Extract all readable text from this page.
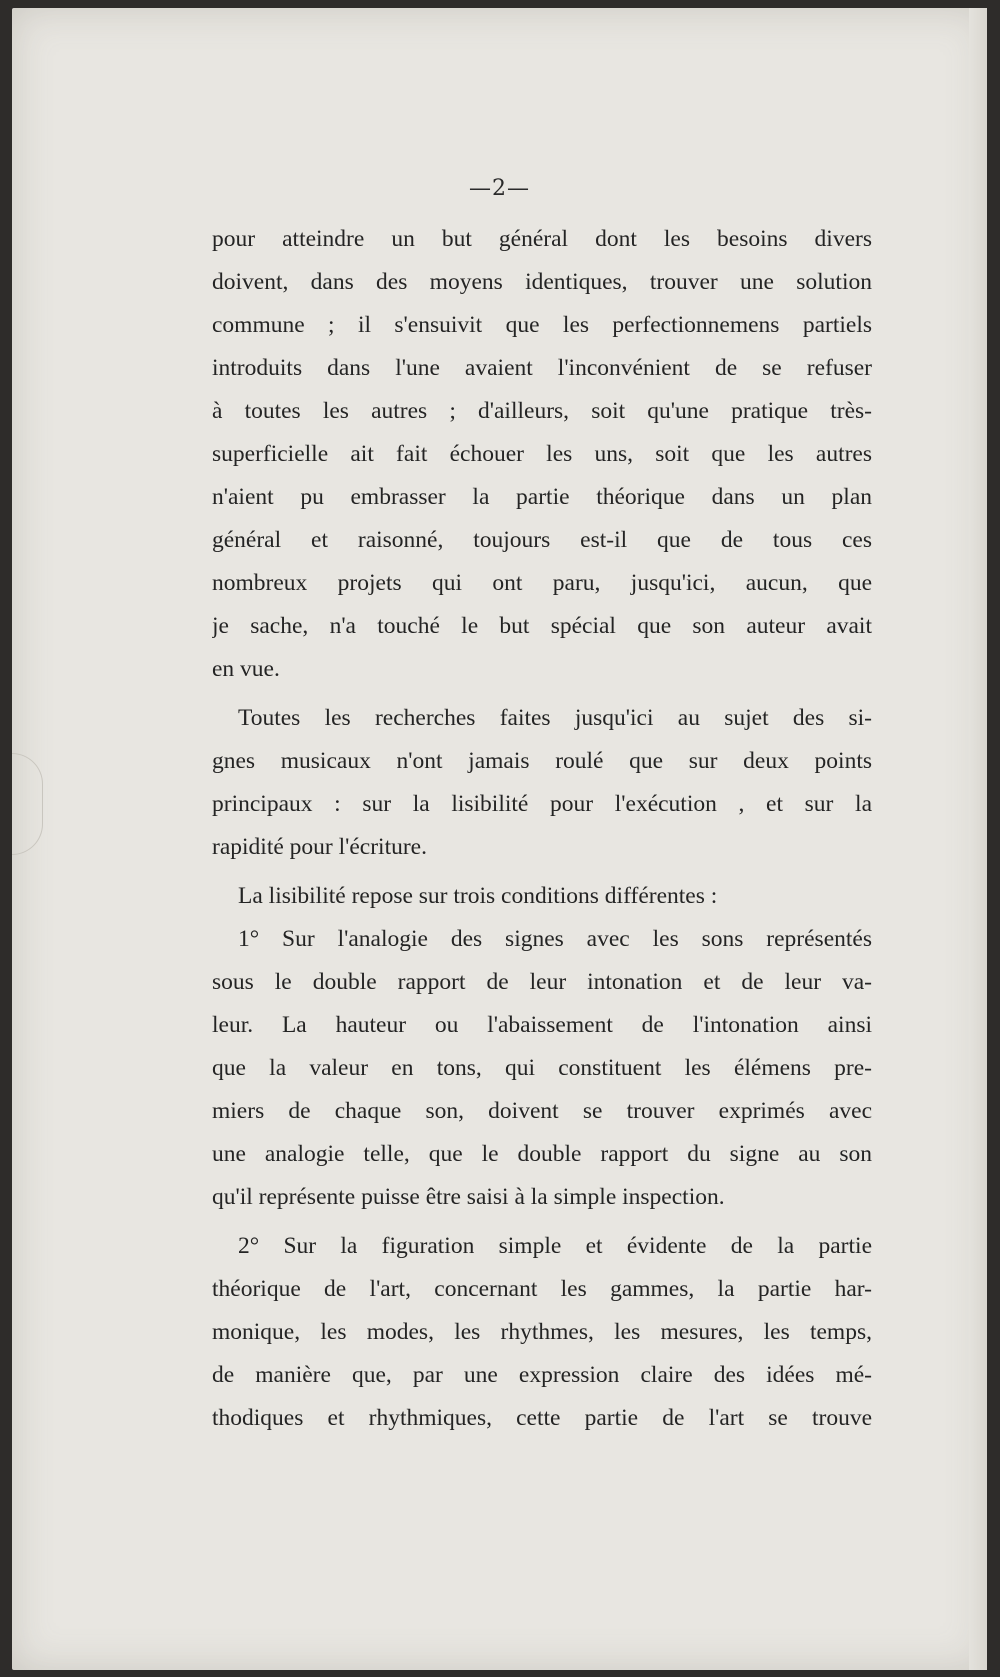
—2—

pour atteindre un but général dont les besoins divers
doivent, dans des moyens identiques, trouver une solution
commune ; il s'ensuivit que les perfectionnemens partiels
introduits dans l'une avaient l'inconvénient de se refuser
à toutes les autres ; d'ailleurs, soit qu'une pratique très-
superficielle ait fait échouer les uns, soit que les autres
n'aient pu embrasser la partie théorique dans un plan
général et raisonné, toujours est-il que de tous ces
nombreux projets qui ont paru, jusqu'ici, aucun, que
je sache, n'a touché le but spécial que son auteur avait
en vue.

Toutes les recherches faites jusqu'ici au sujet des si-
gnes musicaux n'ont jamais roulé que sur deux points
principaux : sur la lisibilité pour l'exécution , et sur la
rapidité pour l'écriture.

La lisibilité repose sur trois conditions différentes :

1° Sur l'analogie des signes avec les sons représentés
sous le double rapport de leur intonation et de leur va-
leur. La hauteur ou l'abaissement de l'intonation ainsi
que la valeur en tons, qui constituent les élémens pre-
miers de chaque son, doivent se trouver exprimés avec
une analogie telle, que le double rapport du signe au son
qu'il représente puisse être saisi à la simple inspection.

2° Sur la figuration simple et évidente de la partie
théorique de l'art, concernant les gammes, la partie har-
monique, les modes, les rhythmes, les mesures, les temps,
de manière que, par une expression claire des idées mé-
thodiques et rhythmiques, cette partie de l'art se trouve
